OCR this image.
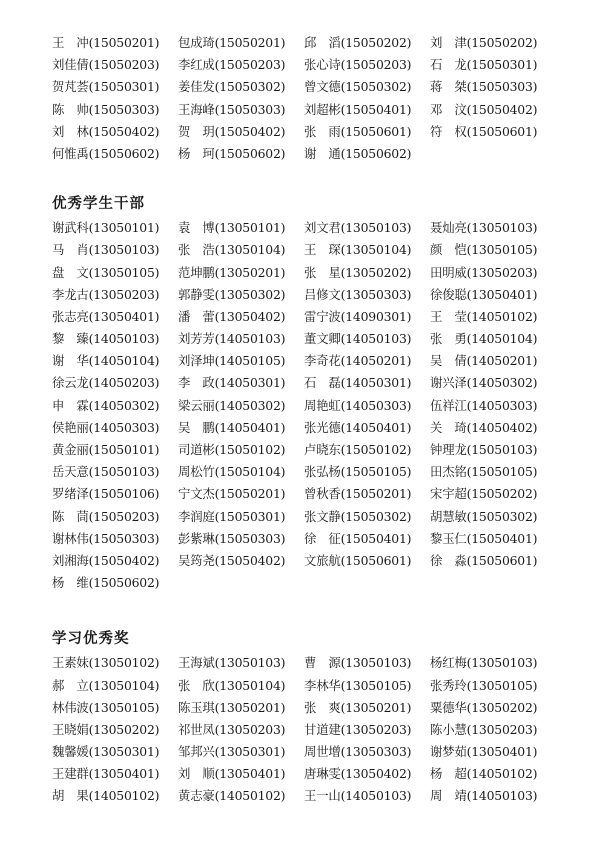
王　冲(15050201)	包成琦(15050201)	邱　滔(15050202)	刘　津(15050202)
刘佳倩(15050203)	李红成(15050203)	张心诗(15050203)	石　龙(15050301)
贺芃荟(15050301)	姜佳发(15050302)	曾文德(15050302)	蒋　桀(15050303)
陈　帅(15050303)	王海峰(15050303)	刘超彬(15050401)	邓　汶(15050402)
刘　林(15050402)	贺　玥(15050402)	张　雨(15050601)	符　权(15050601)
何惟禹(15050602)	杨　珂(15050602)	谢　通(15050602)
优秀学生干部
谢武科(13050101)	袁　博(13050101)	刘文君(13050103)	聂灿亮(13050103)
马　肖(13050103)	张　浩(13050104)	王　琛(13050104)	颜　恺(13050105)
盘　文(13050105)	范坤鹏(13050201)	张　星(13050202)	田明威(13050203)
李龙古(13050203)	郭静雯(13050302)	吕修文(13050303)	徐俊聪(13050401)
张志亮(13050401)	潘　蕾(13050402)	雷宁波(14090301)	王　莹(14050102)
黎　臻(14050103)	刘芳芳(14050103)	董文卿(14050103)	张　勇(14050104)
谢　华(14050104)	刘泽坤(14050105)	李奇花(14050201)	吴　倩(14050201)
徐云龙(14050203)	李　政(14050301)	石　磊(14050301)	谢兴泽(14050302)
申　霖(14050302)	梁云丽(14050302)	周艳虹(14050303)	伍祥江(14050303)
侯艳丽(14050303)	吴　鹏(14050401)	张光德(14050401)	关　琦(14050402)
黄金丽(15050101)	司道彬(15050102)	卢晓东(15050102)	钟理龙(15050103)
岳天意(15050103)	周松竹(15050104)	张弘杨(15050105)	田杰铭(15050105)
罗绪泽(15050106)	宁文杰(15050201)	曾秋香(15050201)	宋宇超(15050202)
陈　茼(15050203)	李润庭(15050301)	张文静(15050302)	胡慧敏(15050302)
谢林伟(15050303)	彭紫琳(15050303)	徐　征(15050401)	黎玉仁(15050401)
刘湘海(15050402)	吴筠尧(15050402)	文旅航(15050601)	徐　淼(15050601)
杨　维(15050602)
学习优秀奖
王素妹(13050102)	王海斌(13050103)	曹　源(13050103)	杨红梅(13050103)
郝　立(13050104)	张　欣(13050104)	李林华(13050105)	张秀玲(13050105)
林伟波(13050105)	陈玉琪(13050201)	张　爽(13050201)	粟德华(13050202)
王晓娟(13050202)	祁世凤(13050203)	甘道建(13050203)	陈小慧(13050203)
魏馨媛(13050301)	邹邦兴(13050301)	周世增(13050303)	谢梦茹(13050401)
王建群(13050401)	刘　顺(13050401)	唐琳雯(13050402)	杨　超(14050102)
胡　果(14050102)	黄志豪(14050102)	王一山(14050103)	周　靖(14050103)
